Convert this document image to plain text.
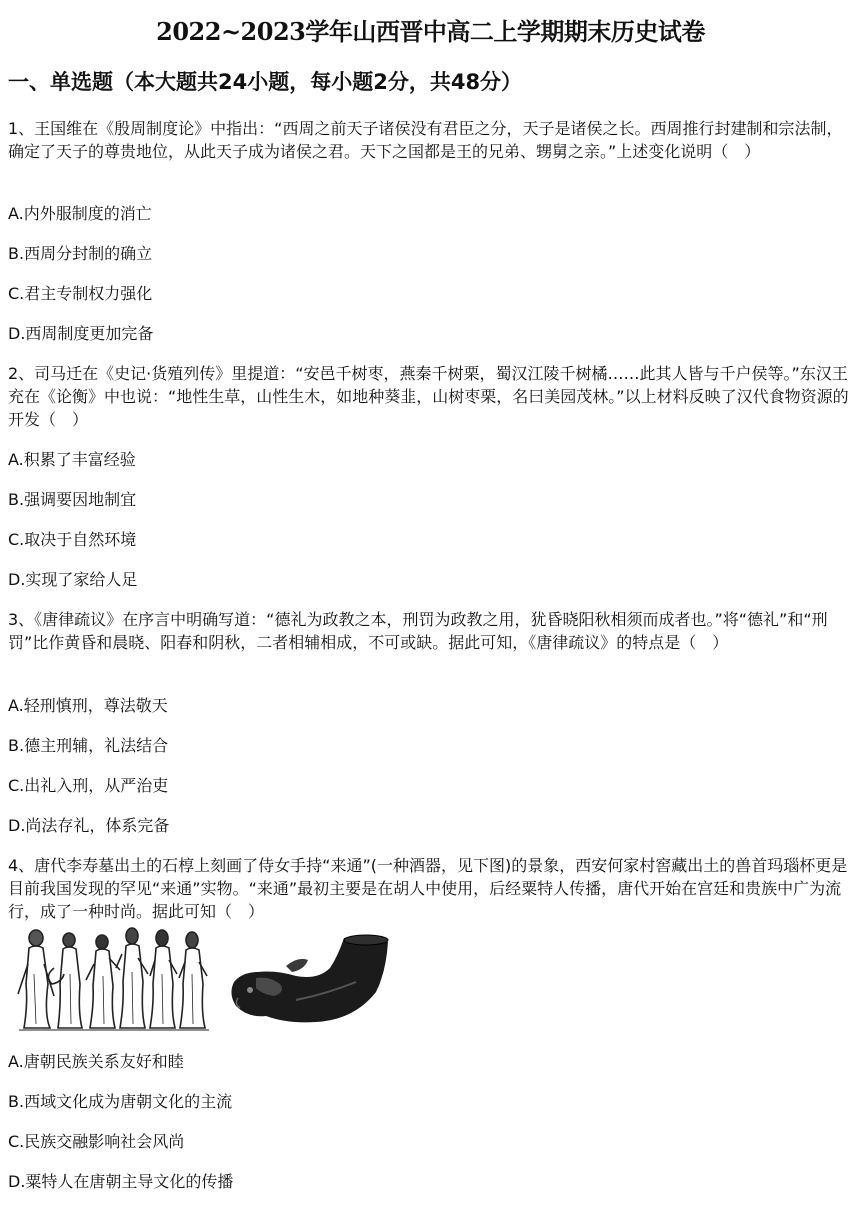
2022~2023学年山西晋中高二上学期期末历史试卷
一、单选题（本大题共24小题，每小题2分，共48分）
1、王国维在《殷周制度论》中指出：“西周之前天子诸侯没有君臣之分，天子是诸侯之长。西周推行封建制和宗法制，确定了天子的尊贵地位，从此天子成为诸侯之君。天下之国都是王的兄弟、甥舅之亲。”上述变化说明（　）
A.内外服制度的消亡
B.西周分封制的确立
C.君主专制权力强化
D.西周制度更加完备
2、司马迁在《史记·货殖列传》里提道：“安邑千树枣，燕秦千树栗，蜀汉江陵千树橘……此其人皆与千户侯等。”东汉王充在《论衡》中也说：“地性生草，山性生木，如地种葵韭，山树枣栗，名曰美园茂林。”以上材料反映了汉代食物资源的开发（　）
A.积累了丰富经验
B.强调要因地制宜
C.取决于自然环境
D.实现了家给人足
3、《唐律疏议》在序言中明确写道：“德礼为政教之本，刑罚为政教之用，犹昏晓阳秋相须而成者也。”将“德礼”和“刑罚”比作黄昏和晨晓、阳春和阴秋，二者相辅相成，不可或缺。据此可知，《唐律疏议》的特点是（　）
A.轻刑慎刑，尊法敬天
B.德主刑辅，礼法结合
C.出礼入刑，从严治吏
D.尚法存礼，体系完备
4、唐代李寿墓出土的石椁上刻画了侍女手持“来通”(一种酒器，见下图)的景象，西安何家村窖藏出土的兽首玛瑙杯更是目前我国发现的罕见“来通”实物。“来通”最初主要是在胡人中使用，后经粟特人传播，唐代开始在宫廷和贵族中广为流行，成了一种时尚。据此可知（　）
A.唐朝民族关系友好和睦
B.西域文化成为唐朝文化的主流
C.民族交融影响社会风尚
D.粟特人在唐朝主导文化的传播
